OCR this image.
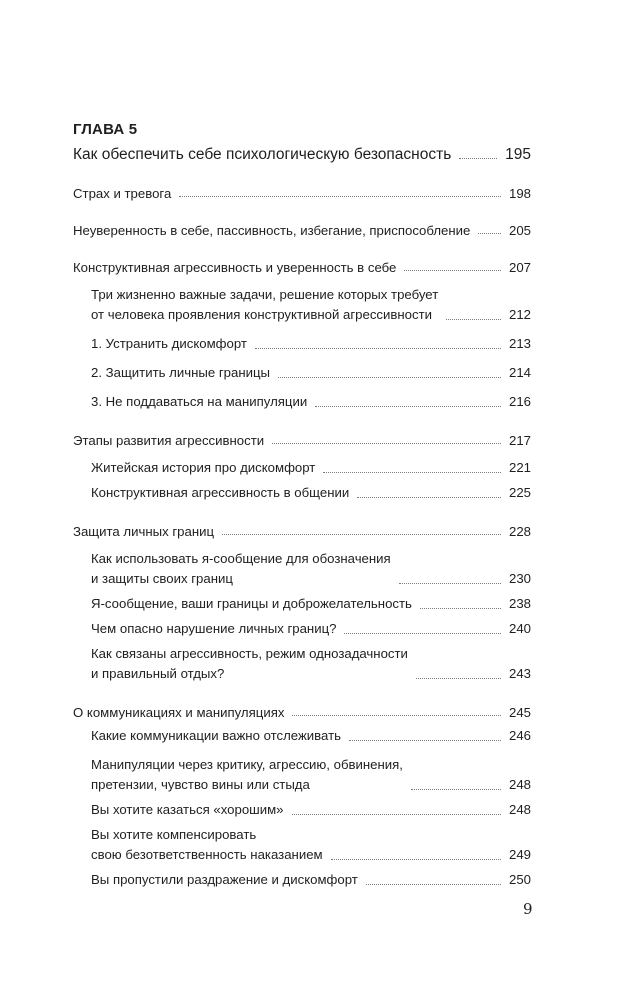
ГЛАВА 5
Как обеспечить себе психологическую безопасность	195
Страх и тревога	198
Неуверенность в себе, пассивность, избегание, приспособление	205
Конструктивная агрессивность и уверенность в себе	207
Три жизненно важные задачи, решение которых требует
от человека проявления конструктивной агрессивности	212
1. Устранить дискомфорт	213
2. Защитить личные границы	214
3. Не поддаваться на манипуляции	216
Этапы развития агрессивности	217
Житейская история про дискомфорт	221
Конструктивная агрессивность в общении	225
Защита личных границ	228
Как использовать я-сообщение для обозначения
и защиты своих границ	230
Я-сообщение, ваши границы и доброжелательность	238
Чем опасно нарушение личных границ?	240
Как связаны агрессивность, режим однозадачности
и правильный отдых?	243
О коммуникациях и манипуляциях	245
Какие коммуникации важно отслеживать	246
Манипуляции через критику, агрессию, обвинения,
претензии, чувство вины или стыда	248
Вы хотите казаться «хорошим»	248
Вы хотите компенсировать
свою безответственность наказанием	249
Вы пропустили раздражение и дискомфорт	250
9
